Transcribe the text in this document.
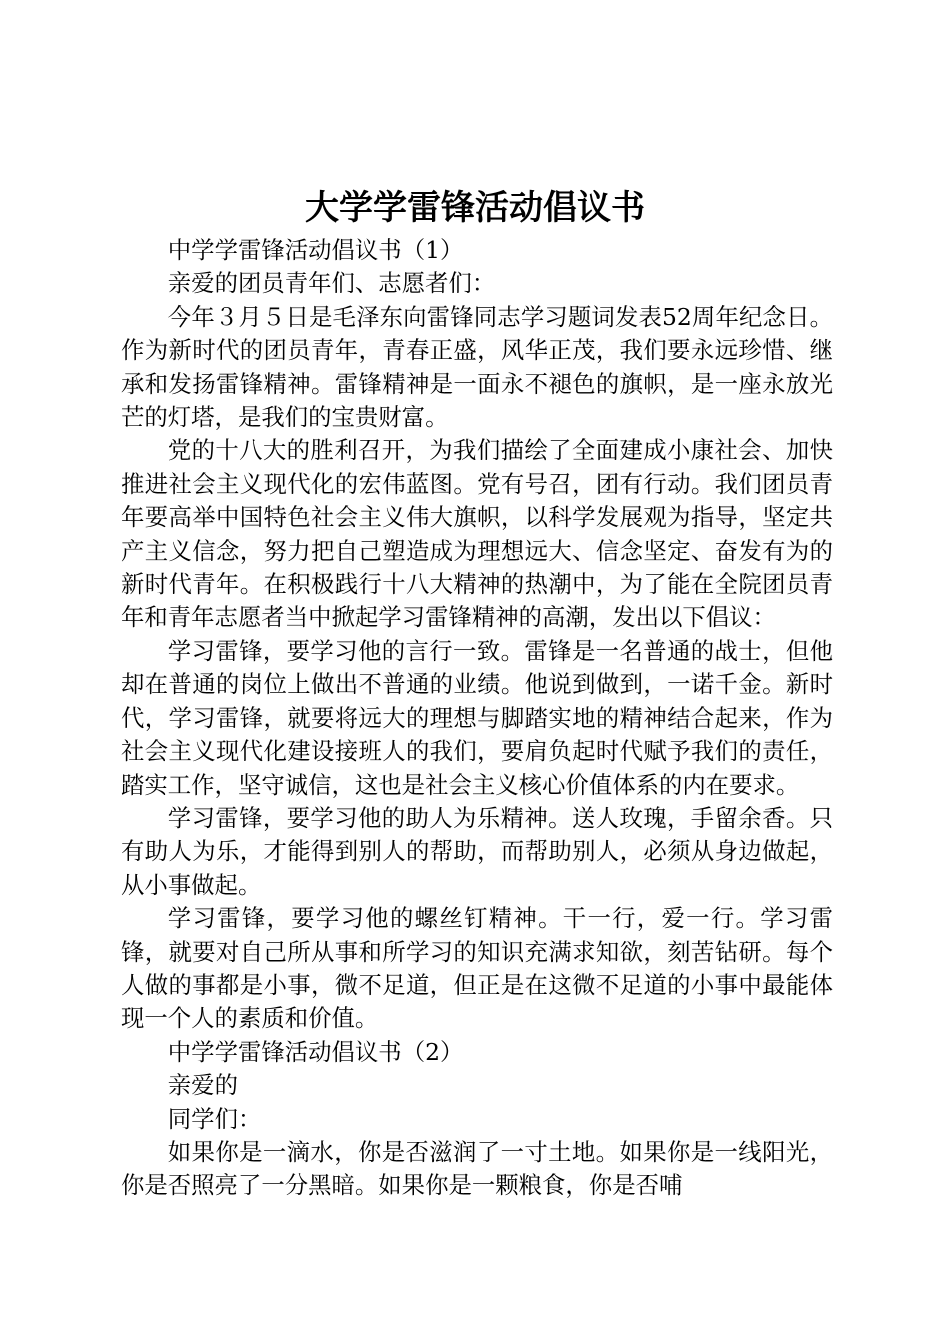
大学学雷锋活动倡议书

中学学雷锋活动倡议书（1）

亲爱的团员青年们、志愿者们：

今年３月５日是毛泽东向雷锋同志学习题词发表52周年纪念日。作为新时代的团员青年，青春正盛，风华正茂，我们要永远珍惜、继承和发扬雷锋精神。雷锋精神是一面永不褪色的旗帜，是一座永放光芒的灯塔，是我们的宝贵财富。

党的十八大的胜利召开，为我们描绘了全面建成小康社会、加快推进社会主义现代化的宏伟蓝图。党有号召，团有行动。我们团员青年要高举中国特色社会主义伟大旗帜，以科学发展观为指导，坚定共产主义信念，努力把自己塑造成为理想远大、信念坚定、奋发有为的新时代青年。在积极践行十八大精神的热潮中，为了能在全院团员青年和青年志愿者当中掀起学习雷锋精神的高潮，发出以下倡议：

学习雷锋，要学习他的言行一致。雷锋是一名普通的战士，但他却在普通的岗位上做出不普通的业绩。他说到做到，一诺千金。新时代，学习雷锋，就要将远大的理想与脚踏实地的精神结合起来，作为社会主义现代化建设接班人的我们，要肩负起时代赋予我们的责任，踏实工作，坚守诚信，这也是社会主义核心价值体系的内在要求。

学习雷锋，要学习他的助人为乐精神。送人玫瑰，手留余香。只有助人为乐，才能得到别人的帮助，而帮助别人，必须从身边做起，从小事做起。

学习雷锋，要学习他的螺丝钉精神。干一行，爱一行。学习雷锋，就要对自己所从事和所学习的知识充满求知欲，刻苦钻研。每个人做的事都是小事，微不足道，但正是在这微不足道的小事中最能体现一个人的素质和价值。

中学学雷锋活动倡议书（2）

亲爱的

同学们：

如果你是一滴水，你是否滋润了一寸土地。如果你是一线阳光，你是否照亮了一分黑暗。如果你是一颗粮食，你是否哺
